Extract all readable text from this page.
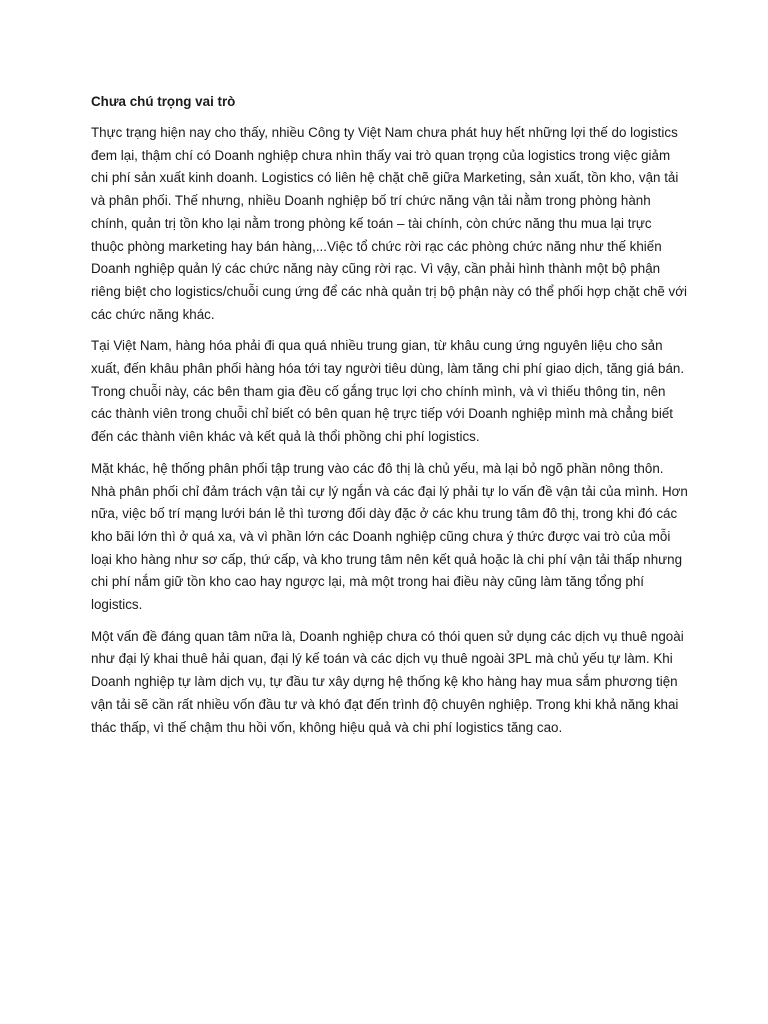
Chưa chú trọng vai trò

Thực trạng hiện nay cho thấy, nhiều Công ty Việt Nam chưa phát huy hết những lợi thế do logistics đem lại, thậm chí có Doanh nghiệp chưa nhìn thấy vai trò quan trọng của logistics trong việc giảm chi phí sản xuất kinh doanh. Logistics có liên hệ chặt chẽ giữa Marketing, sản xuất, tồn kho, vận tải và phân phối. Thế nhưng, nhiều Doanh nghiệp bố trí chức năng vận tải nằm trong phòng hành chính, quản trị tồn kho lại nằm trong phòng kế toán – tài chính, còn chức năng thu mua lại trực thuộc phòng marketing hay bán hàng,...Việc tổ chức rời rạc các phòng chức năng như thế khiến Doanh nghiệp quản lý các chức năng này cũng rời rạc. Vì vậy, cần phải hình thành một bộ phận riêng biệt cho logistics/chuỗi cung ứng để các nhà quản trị bộ phận này có thể phối hợp chặt chẽ với các chức năng khác.

Tại Việt Nam, hàng hóa phải đi qua quá nhiều trung gian, từ khâu cung ứng nguyên liệu cho sản xuất, đến khâu phân phối hàng hóa tới tay người tiêu dùng, làm tăng chi phí giao dịch, tăng giá bán. Trong chuỗi này, các bên tham gia đều cố gắng trục lợi cho chính mình, và vì thiếu thông tin, nên các thành viên trong chuỗi chỉ biết có bên quan hệ trực tiếp với Doanh nghiệp mình mà chẳng biết đến các thành viên khác và kết quả là thổi phồng chi phí logistics.

Mặt khác, hệ thống phân phối tập trung vào các đô thị là chủ yếu, mà lại bỏ ngõ phần nông thôn. Nhà phân phối chỉ đảm trách vận tải cự lý ngắn và các đại lý phải tự lo vấn đề vận tải của mình. Hơn nữa, việc bố trí mạng lưới bán lẻ thì tương đối dày đặc ở các khu trung tâm đô thị, trong khi đó các kho bãi lớn thì ở quá xa, và vì phần lớn các Doanh nghiệp cũng chưa ý thức được vai trò của mỗi loại kho hàng như sơ cấp, thứ cấp, và kho trung tâm nên kết quả hoặc là chi phí vận tải thấp nhưng chi phí nắm giữ tồn kho cao hay ngược lại, mà một trong hai điều này cũng làm tăng tổng phí logistics.

Một vấn đề đáng quan tâm nữa là, Doanh nghiệp chưa có thói quen sử dụng các dịch vụ thuê ngoài như đại lý khai thuê hải quan, đại lý kế toán và các dịch vụ thuê ngoài 3PL mà chủ yếu tự làm. Khi Doanh nghiệp tự làm dịch vụ, tự đầu tư xây dựng hệ thống kệ kho hàng hay mua sắm phương tiện vận tải sẽ cần rất nhiều vốn đầu tư và khó đạt đến trình độ chuyên nghiệp. Trong khi khả năng khai thác thấp, vì thế chậm thu hồi vốn, không hiệu quả và chi phí logistics tăng cao.
